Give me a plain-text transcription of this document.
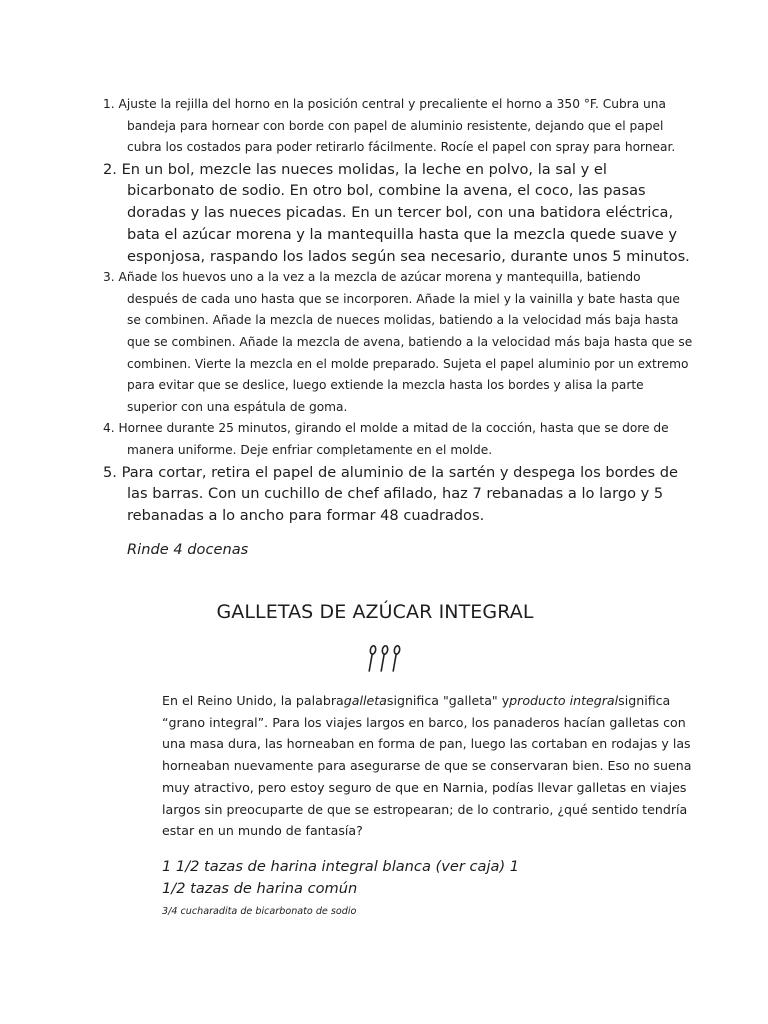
1. Ajuste la rejilla del horno en la posición central y precaliente el horno a 350 °F. Cubra una bandeja para hornear con borde con papel de aluminio resistente, dejando que el papel cubra los costados para poder retirarlo fácilmente. Rocíe el papel con spray para hornear.
2. En un bol, mezcle las nueces molidas, la leche en polvo, la sal y el bicarbonato de sodio. En otro bol, combine la avena, el coco, las pasas doradas y las nueces picadas. En un tercer bol, con una batidora eléctrica, bata el azúcar morena y la mantequilla hasta que la mezcla quede suave y esponjosa, raspando los lados según sea necesario, durante unos 5 minutos.
3. Añade los huevos uno a la vez a la mezcla de azúcar morena y mantequilla, batiendo después de cada uno hasta que se incorporen. Añade la miel y la vainilla y bate hasta que se combinen. Añade la mezcla de nueces molidas, batiendo a la velocidad más baja hasta que se combinen. Añade la mezcla de avena, batiendo a la velocidad más baja hasta que se combinen. Vierte la mezcla en el molde preparado. Sujeta el papel aluminio por un extremo para evitar que se deslice, luego extiende la mezcla hasta los bordes y alisa la parte superior con una espátula de goma.
4. Hornee durante 25 minutos, girando el molde a mitad de la cocción, hasta que se dore de manera uniforme. Deje enfriar completamente en el molde.
5. Para cortar, retira el papel de aluminio de la sartén y despega los bordes de las barras. Con un cuchillo de chef afilado, haz 7 rebanadas a lo largo y 5 rebanadas a lo ancho para formar 48 cuadrados.
Rinde 4 docenas
GALLETAS DE AZÚCAR INTEGRAL

En el Reino Unido, la palabragalletasignifica "galleta" yproducto integralsignifica “grano integral”. Para los viajes largos en barco, los panaderos hacían galletas con una masa dura, las horneaban en forma de pan, luego las cortaban en rodajas y las horneaban nuevamente para asegurarse de que se conservaran bien. Eso no suena muy atractivo, pero estoy seguro de que en Narnia, podías llevar galletas en viajes largos sin preocuparte de que se estropearan; de lo contrario, ¿qué sentido tendría estar en un mundo de fantasía?

1 1/2 tazas de harina integral blanca (ver caja) 1
1/2 tazas de harina común
3/4 cucharadita de bicarbonato de sodio
